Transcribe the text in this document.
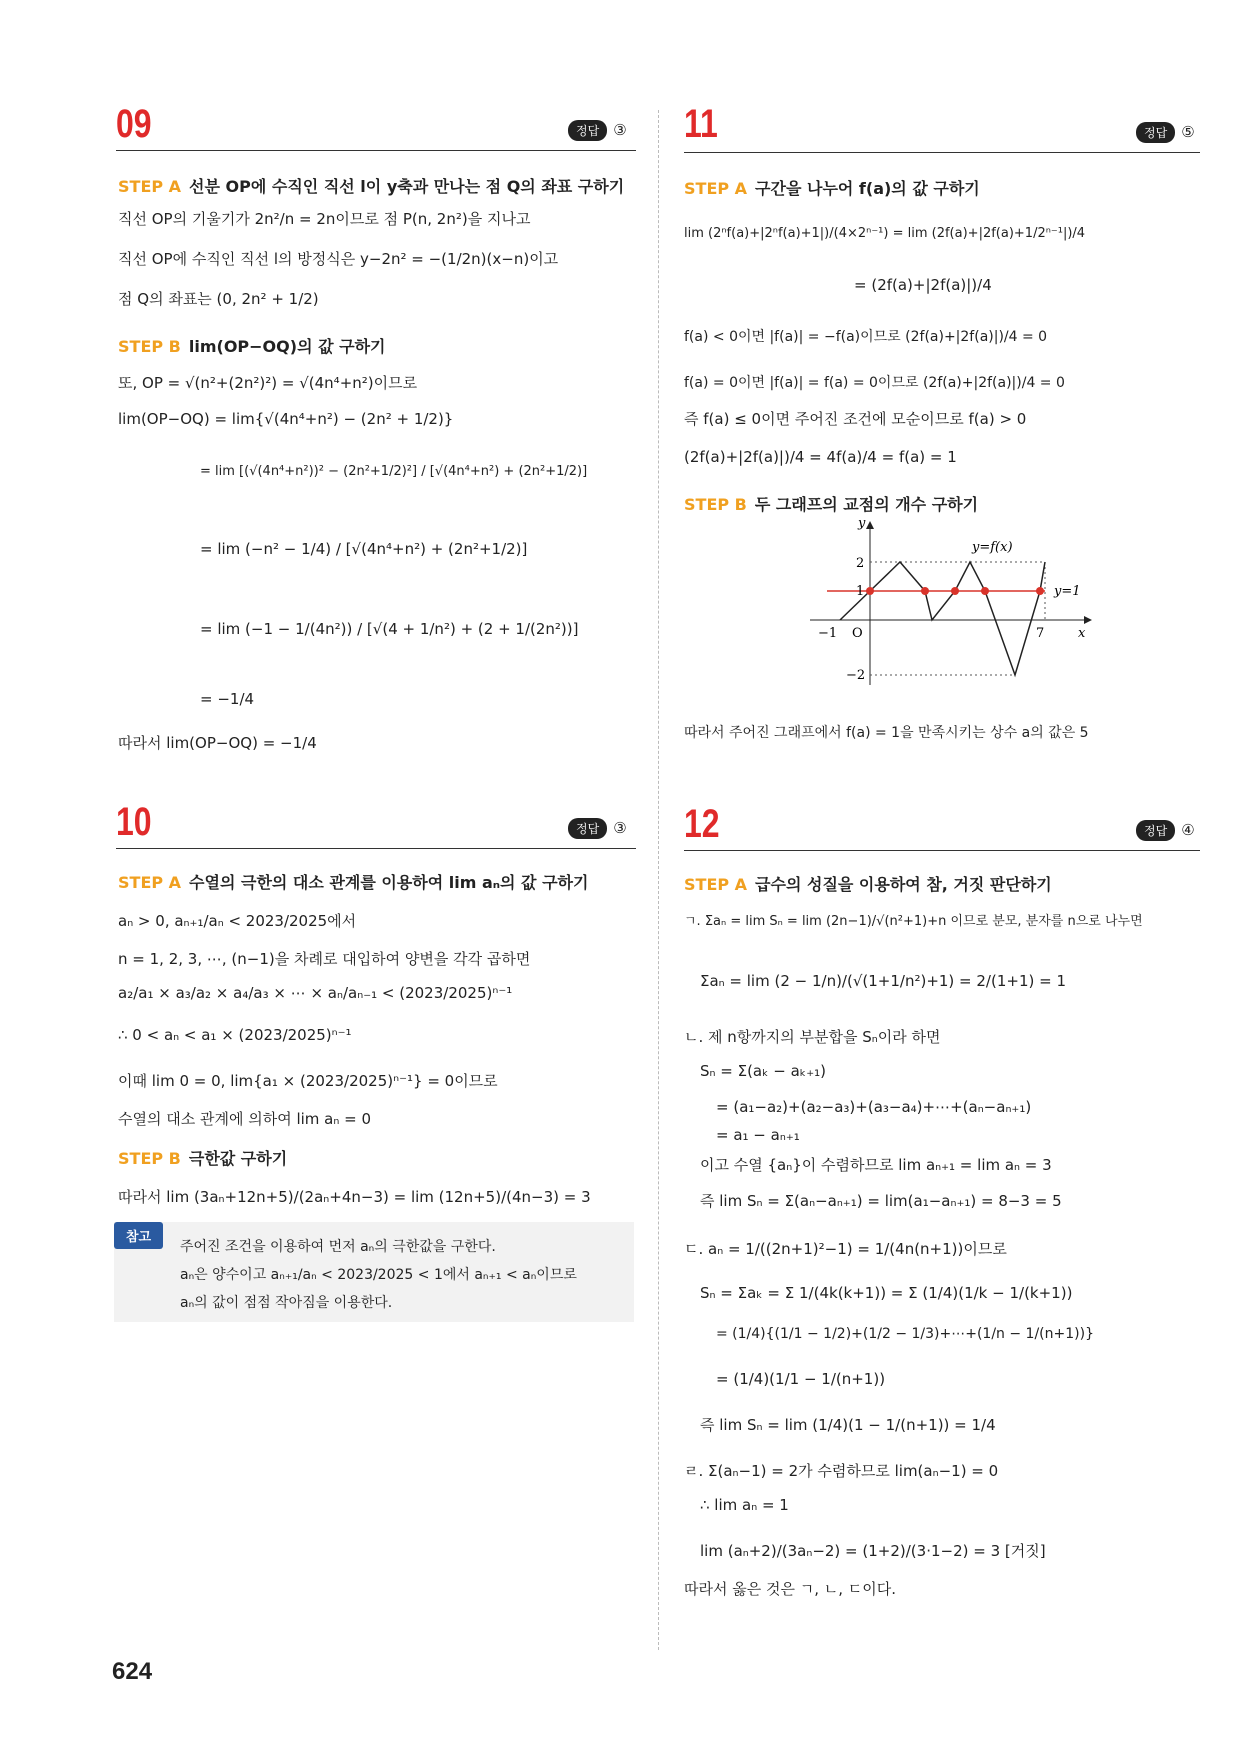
09	정답 ③
STEP A 선분 OP에 수직인 직선 l이 y축과 만나는 점 Q의 좌표 구하기
직선 OP의 기울기가 2n²/n = 2n이므로 점 P(n, 2n²)을 지나고
직선 OP에 수직인 직선 l의 방정식은 y−2n² = −(1/2n)(x−n)이고
점 Q의 좌표는 (0, 2n² + 1/2)
STEP B lim(OP−OQ)의 값 구하기
또, OP = √(n²+(2n²)²) = √(4n⁴+n²)이므로
lim(OP−OQ) = lim{√(4n⁴+n²) − (2n² + 1/2)}
= lim [(√(4n⁴+n²))² − (2n²+1/2)²] / [√(4n⁴+n²) + (2n²+1/2)]
= lim (−n² − 1/4) / [√(4n⁴+n²) + (2n²+1/2)]
= lim (−1 − 1/(4n²)) / [√(4 + 1/n²) + (2 + 1/(2n²))]
= −1/4
따라서 lim(OP−OQ) = −1/4
10	정답 ③
STEP A 수열의 극한의 대소 관계를 이용하여 lim aₙ의 값 구하기
aₙ > 0, aₙ₊₁/aₙ < 2023/2025에서
n = 1, 2, 3, ⋯, (n−1)을 차례로 대입하여 양변을 각각 곱하면
a₂/a₁ × a₃/a₂ × a₄/a₃ × ⋯ × aₙ/aₙ₋₁ < (2023/2025)ⁿ⁻¹
∴ 0 < aₙ < a₁ × (2023/2025)ⁿ⁻¹
이때 lim 0 = 0, lim{a₁ × (2023/2025)ⁿ⁻¹} = 0이므로
수열의 대소 관계에 의하여 lim aₙ = 0
STEP B 극한값 구하기
따라서 lim (3aₙ+12n+5)/(2aₙ+4n−3) = lim (12n+5)/(4n−3) = 3
참고
주어진 조건을 이용하여 먼저 aₙ의 극한값을 구한다.
aₙ은 양수이고 aₙ₊₁/aₙ < 2023/2025 < 1에서 aₙ₊₁ < aₙ이므로
aₙ의 값이 점점 작아짐을 이용한다.
11	정답 ⑤
STEP A 구간을 나누어 f(a)의 값 구하기
lim (2ⁿf(a)+|2ⁿf(a)+1|)/(4×2ⁿ⁻¹) = lim (2f(a)+|2f(a)+1/2ⁿ⁻¹|)/4
= (2f(a)+|2f(a)|)/4
f(a) < 0이면 |f(a)| = −f(a)이므로 (2f(a)+|2f(a)|)/4 = 0
f(a) = 0이면 |f(a)| = f(a) = 0이므로 (2f(a)+|2f(a)|)/4 = 0
즉 f(a) ≤ 0이면 주어진 조건에 모순이므로 f(a) > 0
(2f(a)+|2f(a)|)/4 = 4f(a)/4 = f(a) = 1
STEP B 두 그래프의 교점의 개수 구하기
y
x
O
y=f(x)
y=1
2
1
−1	7
−2
따라서 주어진 그래프에서 f(a) = 1을 만족시키는 상수 a의 값은 5
12	정답 ④
STEP A 급수의 성질을 이용하여 참, 거짓 판단하기
ㄱ. Σaₙ = lim Sₙ = lim (2n−1)/√(n²+1)+n 이므로 분모, 분자를 n으로 나누면
Σaₙ = lim (2 − 1/n)/(√(1+1/n²)+1) = 2/(1+1) = 1
ㄴ. 제 n항까지의 부분합을 Sₙ이라 하면
Sₙ = Σ(aₖ − aₖ₊₁)
= (a₁−a₂)+(a₂−a₃)+(a₃−a₄)+⋯+(aₙ−aₙ₊₁)
= a₁ − aₙ₊₁
이고 수열 {aₙ}이 수렴하므로 lim aₙ₊₁ = lim aₙ = 3
즉 lim Sₙ = Σ(aₙ−aₙ₊₁) = lim(a₁−aₙ₊₁) = 8−3 = 5
ㄷ. aₙ = 1/((2n+1)²−1) = 1/(4n(n+1))이므로
Sₙ = Σaₖ = Σ 1/(4k(k+1)) = Σ (1/4)(1/k − 1/(k+1))
= (1/4){(1/1 − 1/2)+(1/2 − 1/3)+⋯+(1/n − 1/(n+1))}
= (1/4)(1/1 − 1/(n+1))
즉 lim Sₙ = lim (1/4)(1 − 1/(n+1)) = 1/4
ㄹ. Σ(aₙ−1) = 2가 수렴하므로 lim(aₙ−1) = 0
∴ lim aₙ = 1
lim (aₙ+2)/(3aₙ−2) = (1+2)/(3·1−2) = 3 [거짓]
따라서 옳은 것은 ㄱ, ㄴ, ㄷ이다.
624
